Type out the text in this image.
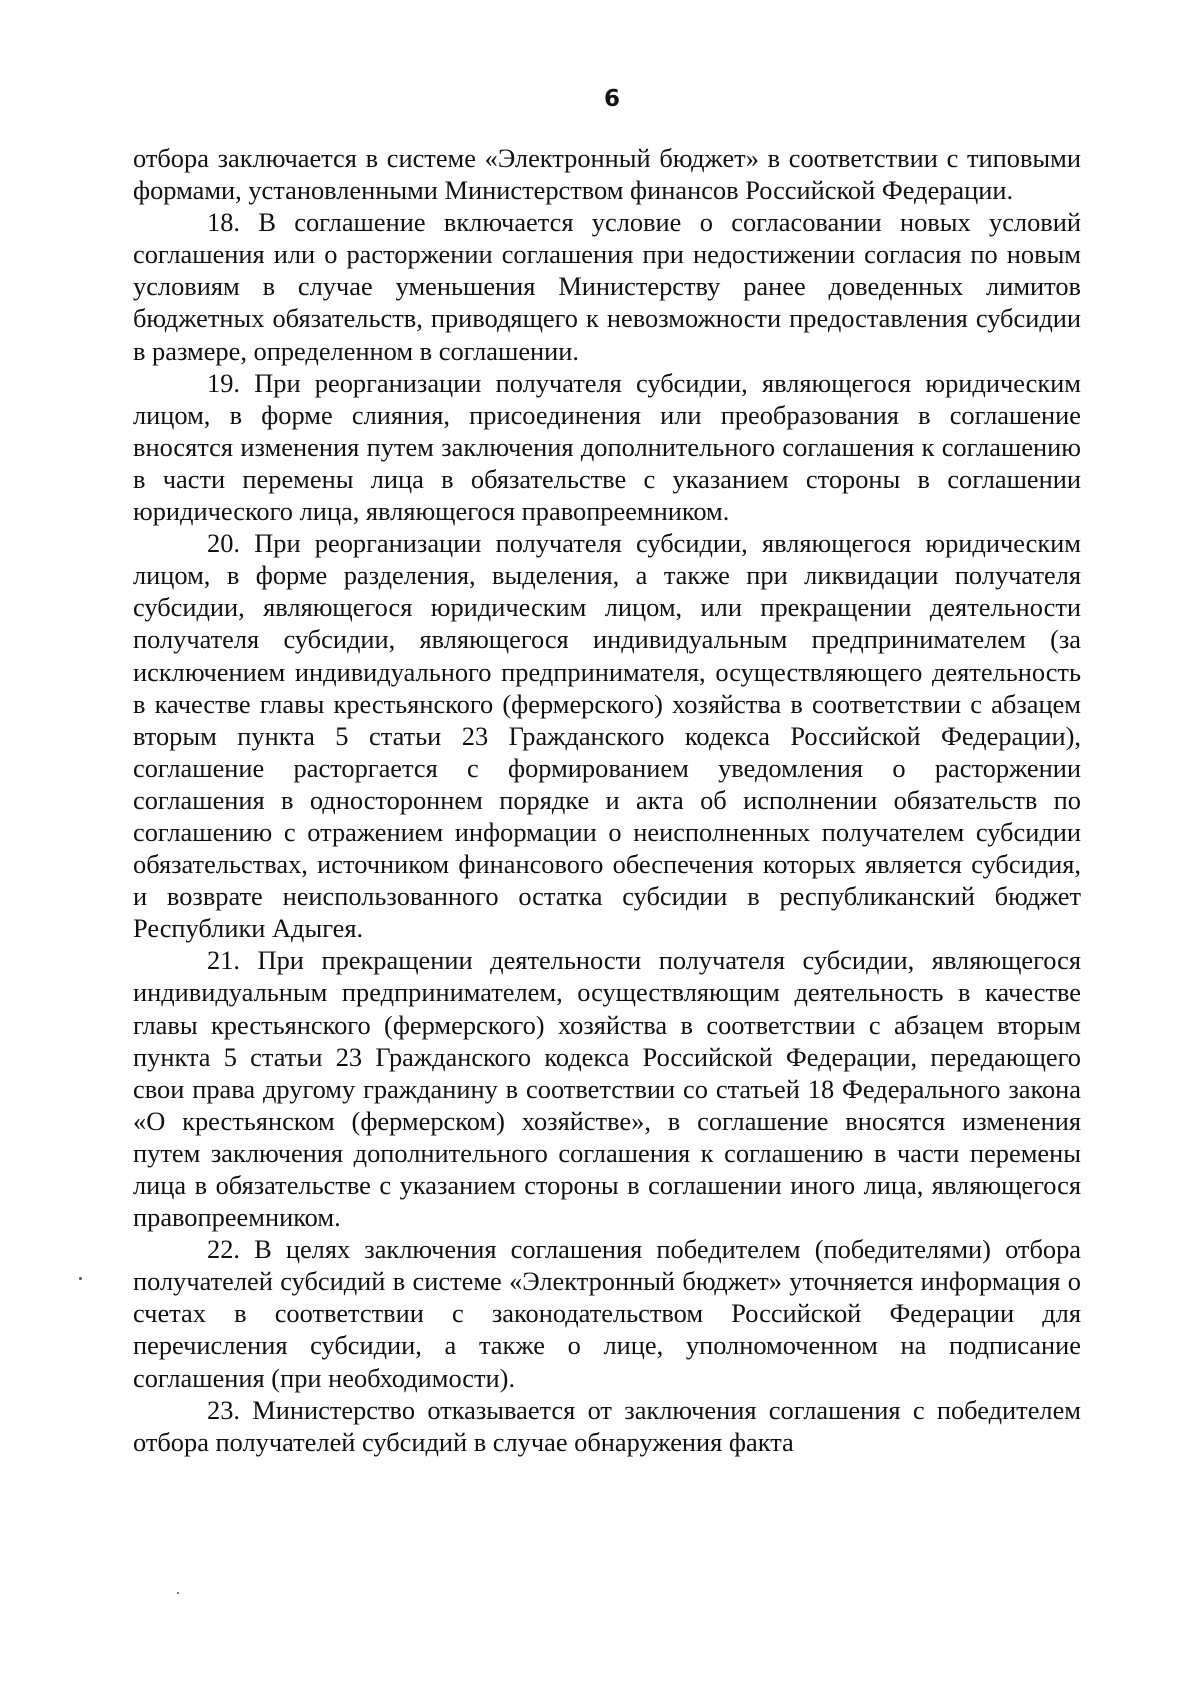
6

отбора заключается в системе «Электронный бюджет» в соответствии с типовыми формами, установленными Министерством финансов Российской Федерации.

18. В соглашение включается условие о согласовании новых условий соглашения или о расторжении соглашения при недостижении согласия по новым условиям в случае уменьшения Министерству ранее доведенных лимитов бюджетных обязательств, приводящего к невозможности предоставления субсидии в размере, определенном в соглашении.

19. При реорганизации получателя субсидии, являющегося юридическим лицом, в форме слияния, присоединения или преобразования в соглашение вносятся изменения путем заключения дополнительного соглашения к соглашению в части перемены лица в обязательстве с указанием стороны в соглашении юридического лица, являющегося правопреемником.

20. При реорганизации получателя субсидии, являющегося юридическим лицом, в форме разделения, выделения, а также при ликвидации получателя субсидии, являющегося юридическим лицом, или прекращении деятельности получателя субсидии, являющегося индивидуальным предпринимателем (за исключением индивидуального предпринимателя, осуществляющего деятельность в качестве главы крестьянского (фермерского) хозяйства в соответствии с абзацем вторым пункта 5 статьи 23 Гражданского кодекса Российской Федерации), соглашение расторгается с формированием уведомления о расторжении соглашения в одностороннем порядке и акта об исполнении обязательств по соглашению с отражением информации о неисполненных получателем субсидии обязательствах, источником финансового обеспечения которых является субсидия, и возврате неиспользованного остатка субсидии в республиканский бюджет Республики Адыгея.

21. При прекращении деятельности получателя субсидии, являющегося индивидуальным предпринимателем, осуществляющим деятельность в качестве главы крестьянского (фермерского) хозяйства в соответствии с абзацем вторым пункта 5 статьи 23 Гражданского кодекса Российской Федерации, передающего свои права другому гражданину в соответствии со статьей 18 Федерального закона «О крестьянском (фермерском) хозяйстве», в соглашение вносятся изменения путем заключения дополнительного соглашения к соглашению в части перемены лица в обязательстве с указанием стороны в соглашении иного лица, являющегося правопреемником.

22. В целях заключения соглашения победителем (победителями) отбора получателей субсидий в системе «Электронный бюджет» уточняется информация о счетах в соответствии с законодательством Российской Федерации для перечисления субсидии, а также о лице, уполномоченном на подписание соглашения (при необходимости).

23. Министерство отказывается от заключения соглашения с победителем отбора получателей субсидий в случае обнаружения факта
